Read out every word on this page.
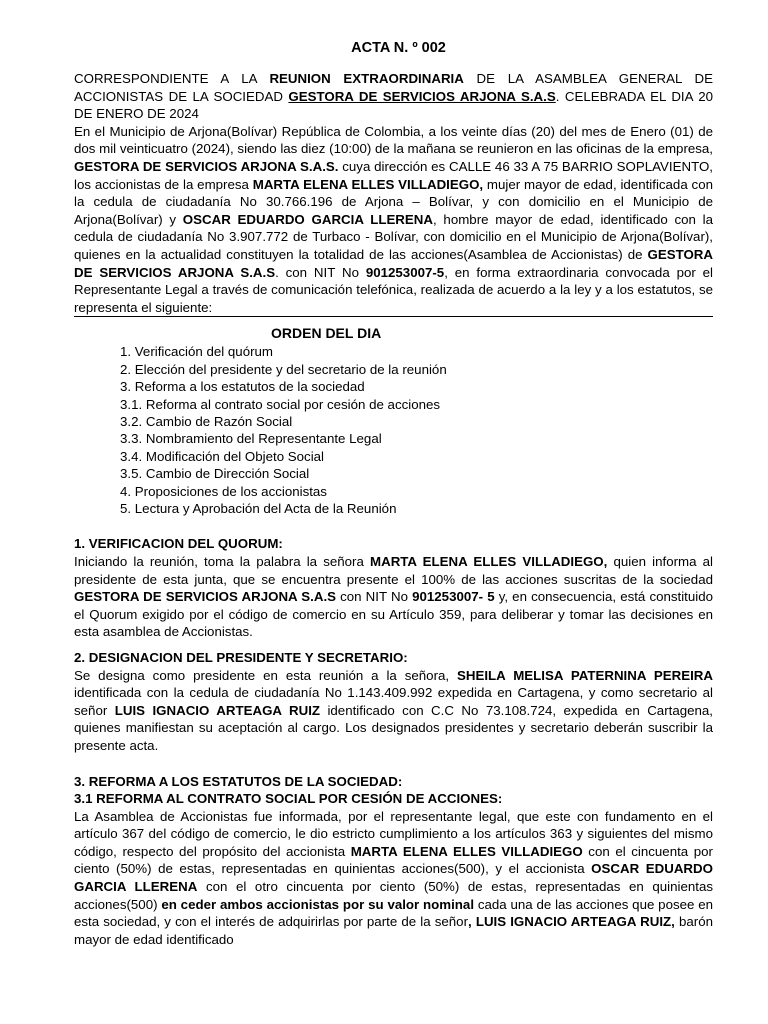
ACTA N. º 002

CORRESPONDIENTE A LA REUNION EXTRAORDINARIA DE LA ASAMBLEA GENERAL DE ACCIONISTAS DE LA SOCIEDAD GESTORA DE SERVICIOS ARJONA S.A.S. CELEBRADA EL DIA 20 DE ENERO DE 2024

En el Municipio de Arjona(Bolívar) República de Colombia, a los veinte días (20) del mes de Enero (01) de dos mil veinticuatro (2024), siendo las diez (10:00) de la mañana se reunieron en las oficinas de la empresa, GESTORA DE SERVICIOS ARJONA S.A.S. cuya dirección es CALLE 46 33 A 75 BARRIO SOPLAVIENTO, los accionistas de la empresa MARTA ELENA ELLES VILLADIEGO, mujer mayor de edad, identificada con la cedula de ciudadanía No 30.766.196 de Arjona – Bolívar, y con domicilio en el Municipio de Arjona(Bolívar) y OSCAR EDUARDO GARCIA LLERENA, hombre mayor de edad, identificado con la cedula de ciudadanía No 3.907.772 de Turbaco - Bolívar, con domicilio en el Municipio de Arjona(Bolívar), quienes en la actualidad constituyen la totalidad de las acciones(Asamblea de Accionistas) de GESTORA DE SERVICIOS ARJONA S.A.S. con NIT No 901253007-5, en forma extraordinaria convocada por el Representante Legal a través de comunicación telefónica, realizada de acuerdo a la ley y a los estatutos, se representa el siguiente:

ORDEN DEL DIA
1. Verificación del quórum
2. Elección del presidente y del secretario de la reunión
3. Reforma a los estatutos de la sociedad
3.1. Reforma al contrato social por cesión de acciones
3.2. Cambio de Razón Social
3.3. Nombramiento del Representante Legal
3.4. Modificación del Objeto Social
3.5. Cambio de Dirección Social
4. Proposiciones de los accionistas
5. Lectura y Aprobación del Acta de la Reunión
1. VERIFICACION DEL QUORUM:

Iniciando la reunión, toma la palabra la señora MARTA ELENA ELLES VILLADIEGO, quien informa al presidente de esta junta, que se encuentra presente el 100% de las acciones suscritas de la sociedad GESTORA DE SERVICIOS ARJONA S.A.S con NIT No 901253007- 5 y, en consecuencia, está constituido el Quorum exigido por el código de comercio en su Artículo 359, para deliberar y tomar las decisiones en esta asamblea de Accionistas.

2. DESIGNACION DEL PRESIDENTE Y SECRETARIO:

Se designa como presidente en esta reunión a la señora, SHEILA MELISA PATERNINA PEREIRA identificada con la cedula de ciudadanía No 1.143.409.992 expedida en Cartagena, y como secretario al señor LUIS IGNACIO ARTEAGA RUIZ identificado con C.C No 73.108.724, expedida en Cartagena, quienes manifiestan su aceptación al cargo. Los designados presidentes y secretario deberán suscribir la presente acta.

3. REFORMA A LOS ESTATUTOS DE LA SOCIEDAD:
3.1 REFORMA AL CONTRATO SOCIAL POR CESIÓN DE ACCIONES:

La Asamblea de Accionistas fue informada, por el representante legal, que este con fundamento en el artículo 367 del código de comercio, le dio estricto cumplimiento a los artículos 363 y siguientes del mismo código, respecto del propósito del accionista MARTA ELENA ELLES VILLADIEGO con el cincuenta por ciento (50%) de estas, representadas en quinientas acciones(500), y el accionista OSCAR EDUARDO GARCIA LLERENA con el otro cincuenta por ciento (50%) de estas, representadas en quinientas acciones(500) en ceder ambos accionistas por su valor nominal cada una de las acciones que posee en esta sociedad, y con el interés de adquirirlas por parte de la señor, LUIS IGNACIO ARTEAGA RUIZ, barón mayor de edad identificado
